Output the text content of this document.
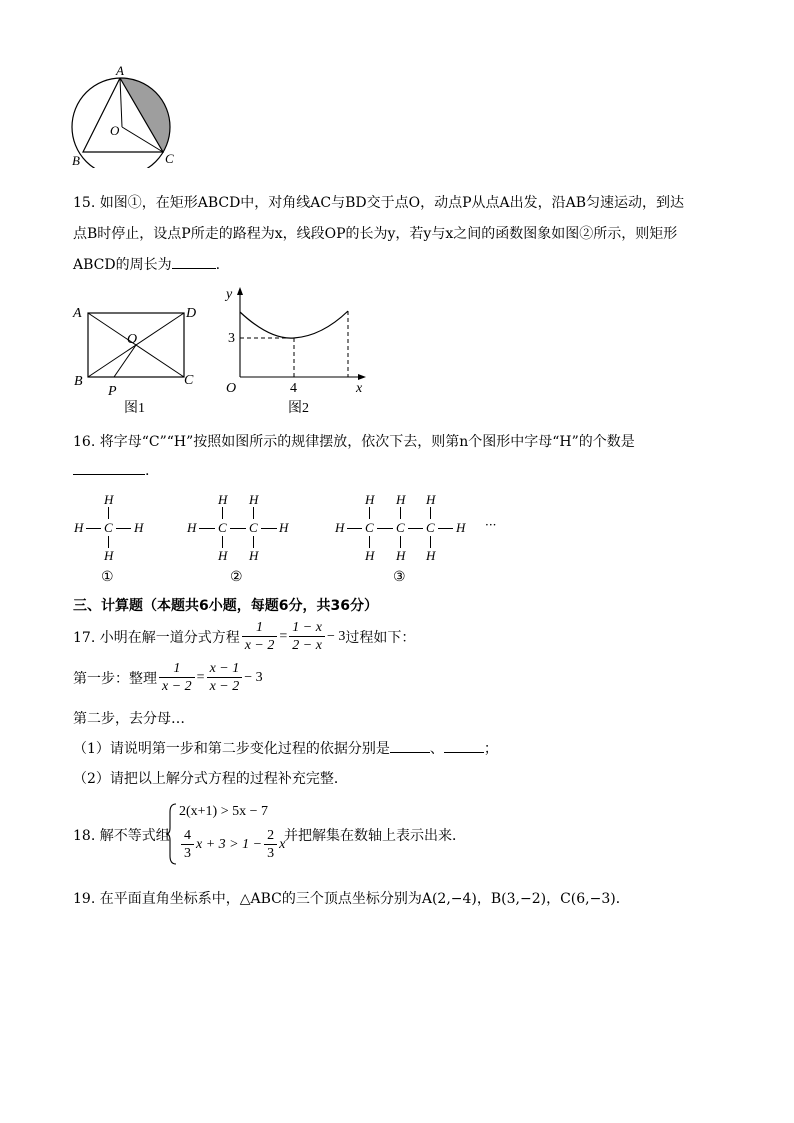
A
O
B	C
15. 如图①，在矩形ABCD中，对角线AC与BD交于点O，动点P从点A出发，沿AB匀速运动，到达
点B时停止，设点P所走的路程为x，线段OP的长为y，若y与x之间的函数图象如图②所示，则矩形
ABCD的周长为	.
A	D
O
B	C
P
图1
y
x
O
3
4
图2
16. 将字母“C”“H”按照如图所示的规律摆放，依次下去，则第n个图形中字母“H”的个数是
.
H
H C H
H
①
H H
H C C H
H H
②
H H H
H C C C H
H H H
③
···
三、计算题（本题共6小题，每题6分，共36分）
17. 小明在解一道分式方程 $\frac{1}{x - 2} = \frac{1 - x}{2 - x} - 3$ 过程如下：
第一步：整理 $\frac{1}{x - 2} = \frac{x - 1}{x - 2} - 3$
第二步，去分母…
（1）请说明第一步和第二步变化过程的依据分别是	、	；
（2）请把以上解分式方程的过程补充完整．
18. 解不等式组
2(x+1) > 5x − 7
$\frac{4}{3}$ $x + 3 > 1 - \frac{2}{3}$ x
并把解集在数轴上表示出来．
19. 在平面直角坐标系中，△ABC的三个顶点坐标分别为A(2,−4)，B(3,−2)，C(6,−3)．
